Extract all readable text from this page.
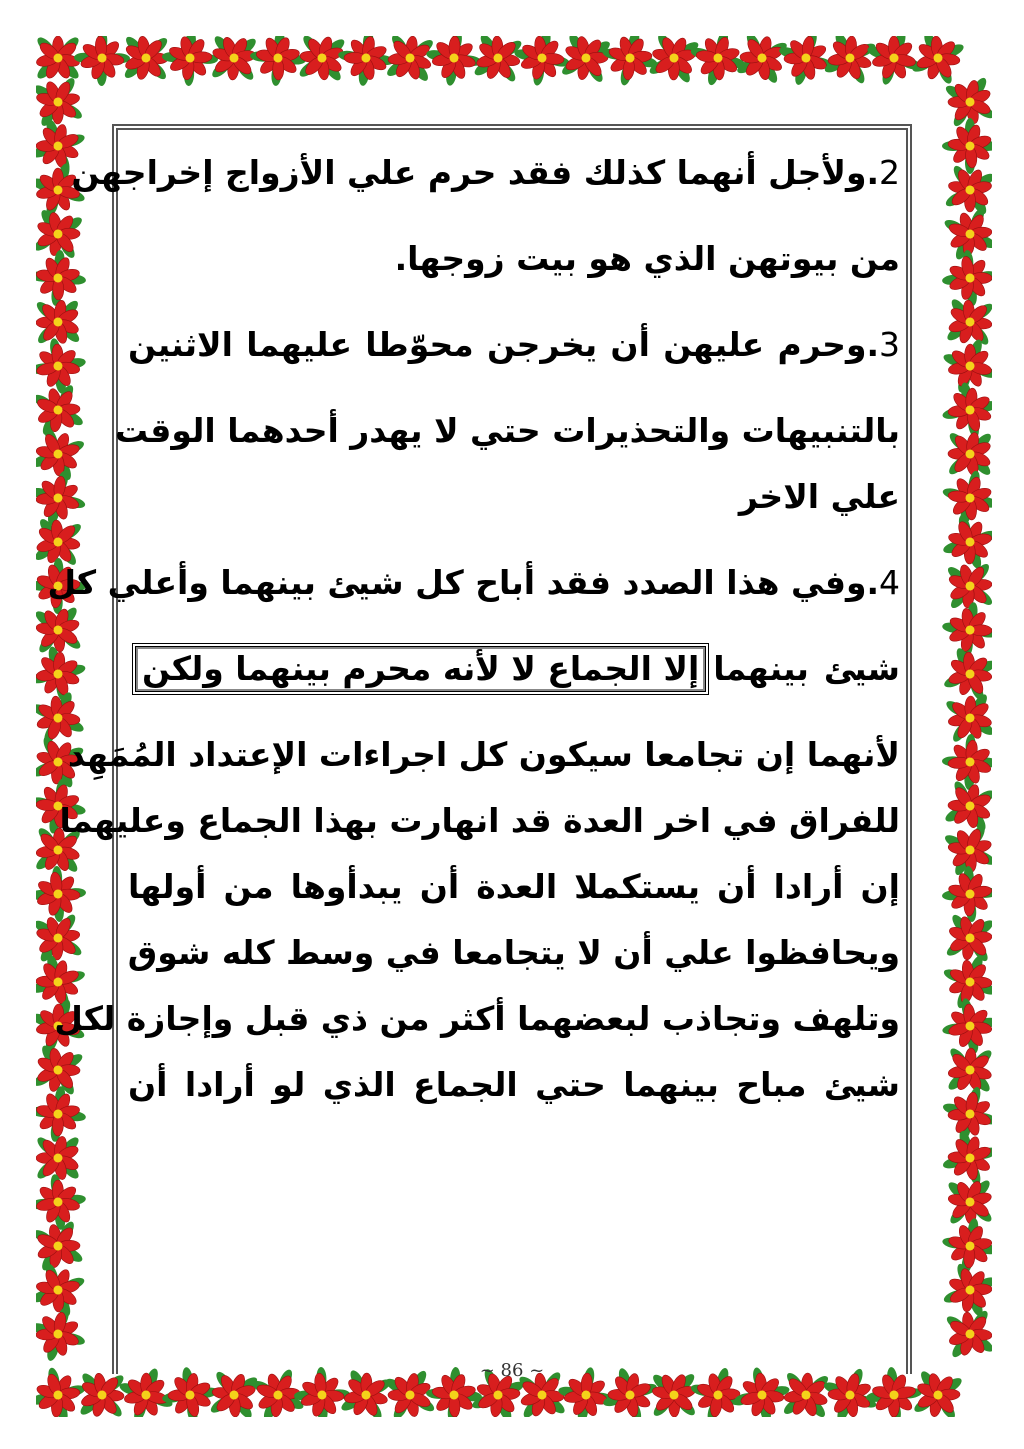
2.ولأجل أنهما كذلك فقد حرم علي الأزواج إخراجهن
من بيوتهن الذي هو بيت زوجها.
3.وحرم عليهن أن يخرجن محوّطا عليهما الاثنين
بالتنبيهات والتحذيرات حتي لا يهدر أحدهما الوقت
علي الاخر
4.وفي هذا الصدد فقد أباح كل شيئ بينهما وأعلي كل
شيئ بينهماإلا الجماع لا لأنه محرم بينهما ولكن
لأنهما إن تجامعا سيكون كل اجراءات الإعتداد المُمَهِد
للفراق في اخر العدة قد انهارت بهذا الجماع وعليهما
إن أرادا أن يستكملا العدة أن يبدأوها من أولها
ويحافظوا علي أن لا يتجامعا في وسط كله شوق
وتلهف وتجاذب لبعضهما أكثر من ذي قبل وإجازة لكل
شيئ مباح بينهما حتي الجماع الذي لو أرادا أن
~ 86 ~
